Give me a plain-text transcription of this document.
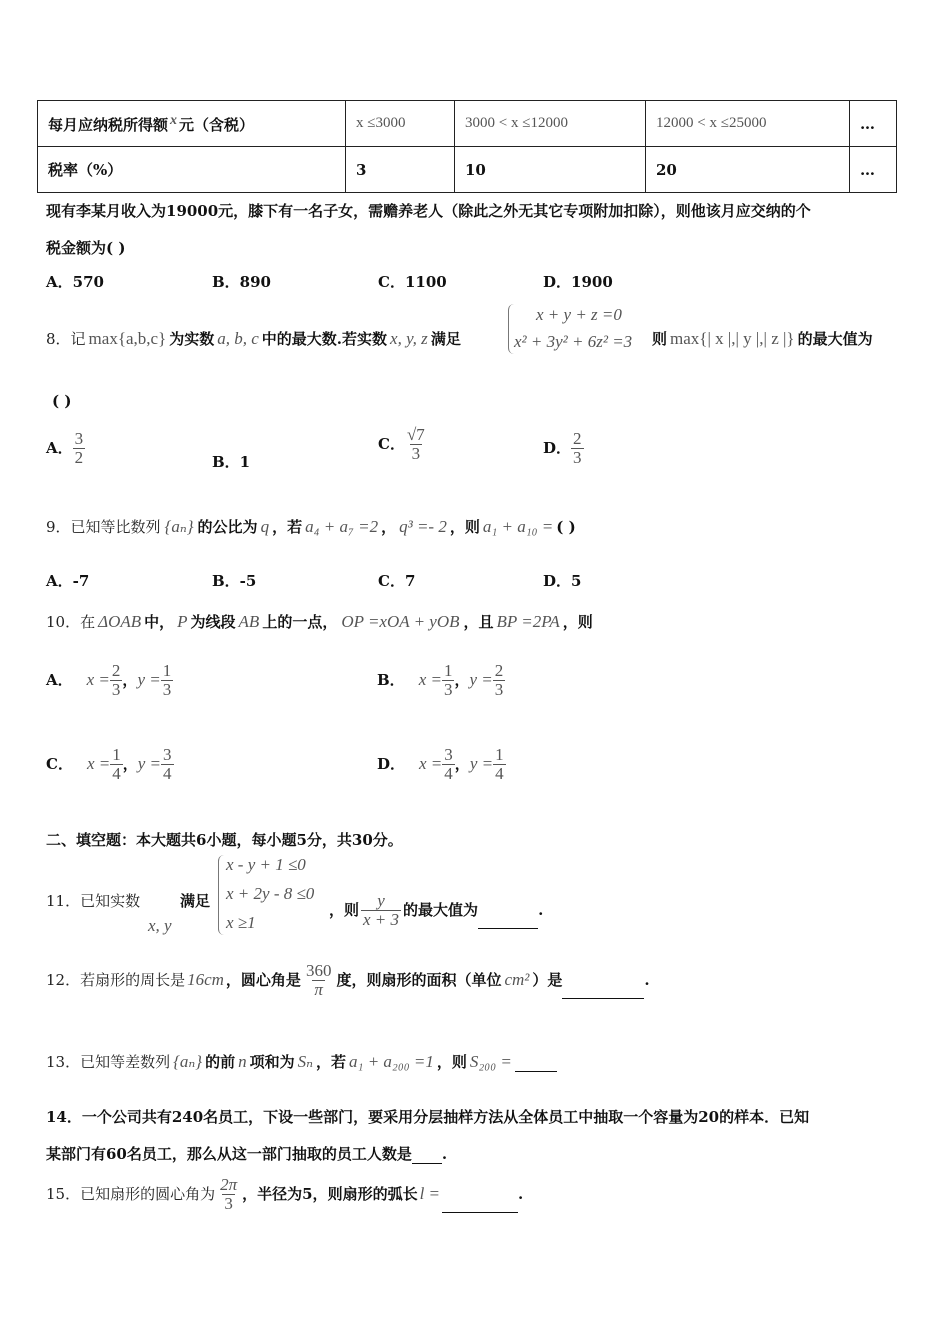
每月应纳税所得额 x 元（含税）	x ≤3000	3000 < x ≤12000	12000 < x ≤25000	…
税率（%）	3	10	20	…
现有李某月收入为19000元，膝下有一名子女，需赡养老人（除此之外无其它专项附加扣除），则他该月应交纳的个
税金额为( )
A．570	B．890	C．1100	D．1900
8．记 max{a,b,c} 为实数 a, b, c 中的最大数.若实数 x, y, z 满足
x + y + z =0
x² + 3y² + 6z² =3 则 max{| x |,| y |,| z |} 的最大值为
( )
A． $\frac{3}{2}$	B．1
C． $\frac{√7}{3}$	D． $\frac{2}{3}$
9．已知等比数列 {aₙ} 的公比为 q ，若 a₄ + a₇ =2 ， q³ =- 2 ，则 a₁ + a₁₀ = ( )
A．-7	B．-5	C．7	D．5
10．在 ΔOAB 中， P 为线段 AB 上的一点， OP =xOA + yOB ，且 BP =2PA ，则
A． $x = \frac{2}{3}$ ，$y = \frac{1}{3}$	B． $x = \frac{1}{3}$ ，$y = \frac{2}{3}$
C． $x = \frac{1}{4}$ ，$y = \frac{3}{4}$	D． $x = \frac{3}{4}$ ，$y = \frac{1}{4}$
二、填空题：本大题共6小题，每小题5分，共30分。
11．已知实数
x, y
满足
x - y + 1 ≤0
x + 2y - 8 ≤0
x ≥1
，则 $\frac{y}{x + 3}$ 的最大值为	.
12．若扇形的周长是 16cm ，圆心角是 $\frac{360}{\pi}$ 度，则扇形的面积（单位 cm² ）是	.
13．已知等差数列 {aₙ} 的前 n 项和为 Sₙ ，若 a₁ + a₂₀₀ =1 ，则 S₂₀₀ =
14．一个公司共有240名员工，下设一些部门，要采用分层抽样方法从全体员工中抽取一个容量为20的样本．已知
某部门有60名员工，那么从这一部门抽取的员工人数是 .
15．已知扇形的圆心角为 $\frac{2\pi}{3}$ ，半径为5，则扇形的弧长 l =	.
